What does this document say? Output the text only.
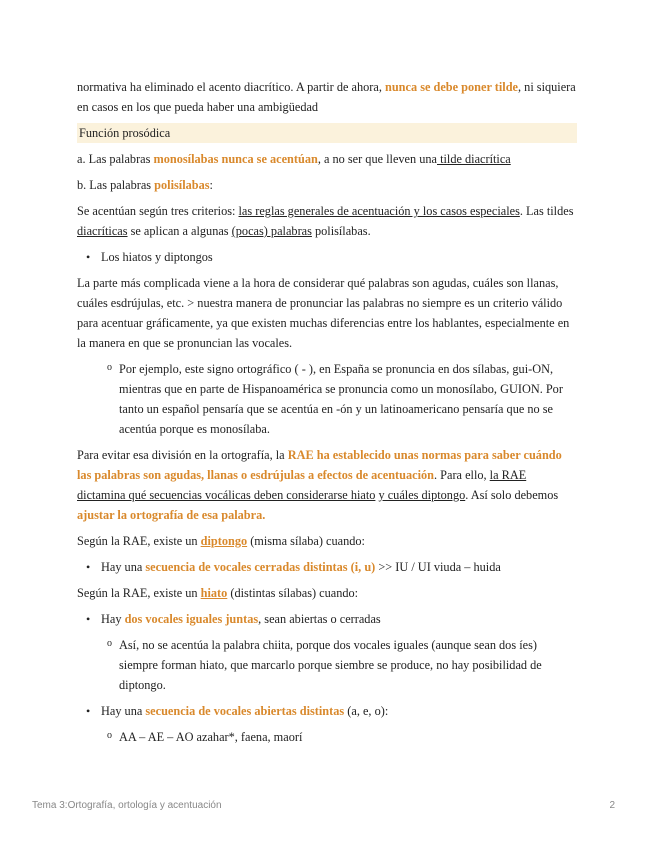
normativa ha eliminado el acento diacrítico. A partir de ahora, nunca se debe poner tilde, ni siquiera en casos en los que pueda haber una ambigüedad

Función prosódica

a. Las palabras monosílabas nunca se acentúan, a no ser que lleven una tilde diacrítica

b. Las palabras polisílabas:

Se acentúan según tres criterios: las reglas generales de acentuación y los casos especiales. Las tildes diacríticas se aplican a algunas (pocas) palabras polisílabas.

• Los hiatos y diptongos

La parte más complicada viene a la hora de considerar qué palabras son agudas, cuáles son llanas, cuáles esdrújulas, etc. > nuestra manera de pronunciar las palabras no siempre es un criterio válido para acentuar gráficamente, ya que existen muchas diferencias entre los hablantes, especialmente en la manera en que se pronuncian las vocales.

o Por ejemplo, este signo ortográfico ( - ), en España se pronuncia en dos sílabas, gui-ON, mientras que en parte de Hispanoamérica se pronuncia como un monosílabo, GUION. Por tanto un español pensaría que se acentúa en -ón y un latinoamericano pensaría que no se acentúa porque es monosílaba.

Para evitar esa división en la ortografía, la RAE ha establecido unas normas para saber cuándo las palabras son agudas, llanas o esdrújulas a efectos de acentuación. Para ello, la RAE dictamina qué secuencias vocálicas deben considerarse hiato y cuáles diptongo. Así solo debemos ajustar la ortografía de esa palabra.

Según la RAE, existe un diptongo (misma sílaba) cuando:

• Hay una secuencia de vocales cerradas distintas (i, u) >> IU / UI viuda – huida

Según la RAE, existe un hiato (distintas sílabas) cuando:

• Hay dos vocales iguales juntas, sean abiertas o cerradas
o Así, no se acentúa la palabra chiita, porque dos vocales iguales (aunque sean dos íes) siempre forman hiato, que marcarlo porque siembre se produce, no hay posibilidad de diptongo.
• Hay una secuencia de vocales abiertas distintas (a, e, o):
o AA – AE – AO azahar*, faena, maorí
Tema 3:Ortografía, ortología y acentuación	2
